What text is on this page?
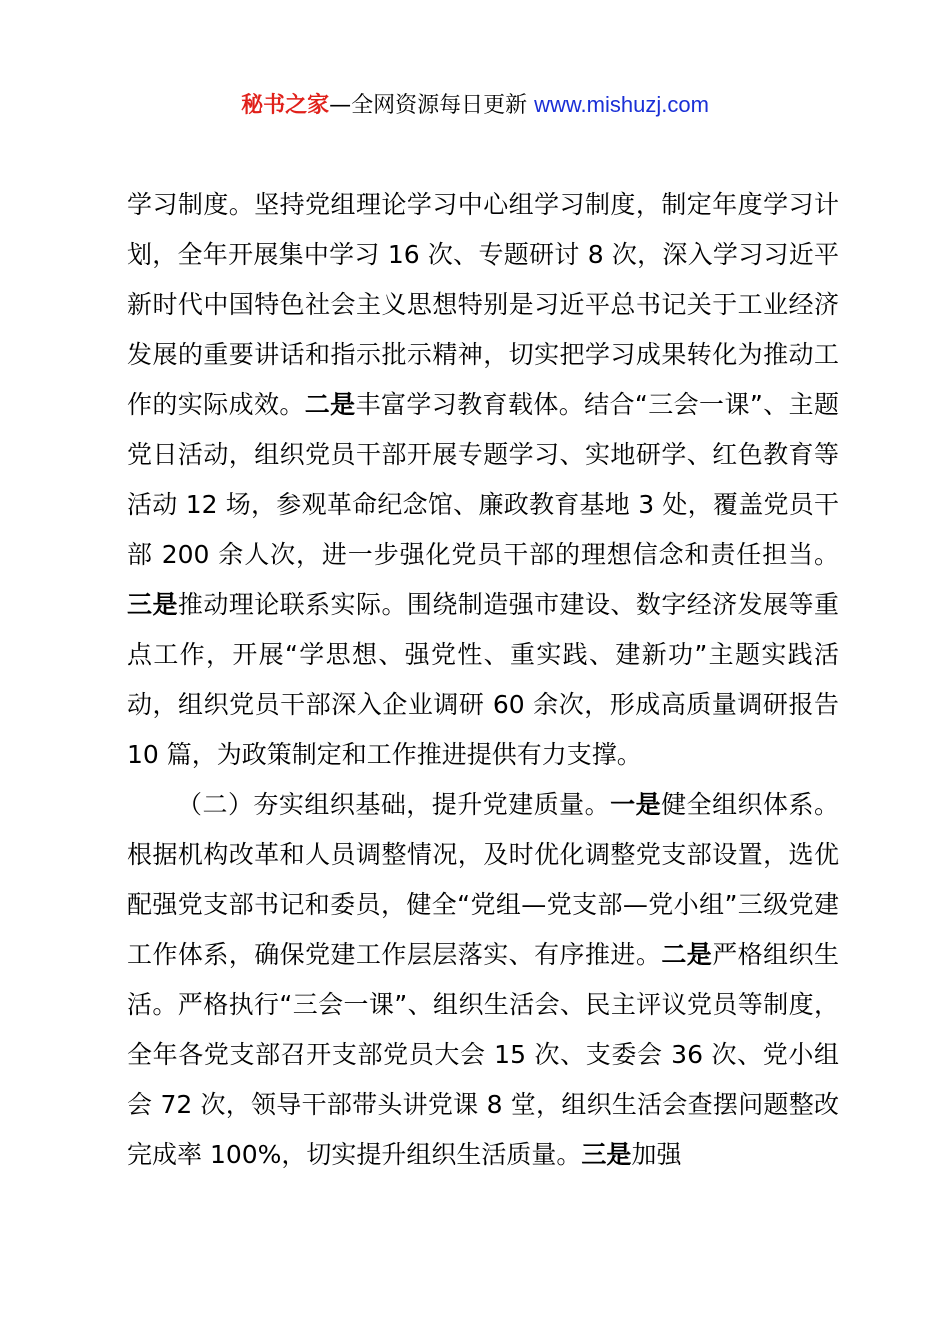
秘书之家—全网资源每日更新 www.mishuzj.com

学习制度。坚持党组理论学习中心组学习制度，制定年度学习计划，全年开展集中学习 16 次、专题研讨 8 次，深入学习习近平新时代中国特色社会主义思想特别是习近平总书记关于工业经济发展的重要讲话和指示批示精神，切实把学习成果转化为推动工作的实际成效。二是丰富学习教育载体。结合“三会一课”、主题党日活动，组织党员干部开展专题学习、实地研学、红色教育等活动 12 场，参观革命纪念馆、廉政教育基地 3 处，覆盖党员干部 200 余人次，进一步强化党员干部的理想信念和责任担当。三是推动理论联系实际。围绕制造强市建设、数字经济发展等重点工作，开展“学思想、强党性、重实践、建新功”主题实践活动，组织党员干部深入企业调研 60 余次，形成高质量调研报告 10 篇，为政策制定和工作推进提供有力支撑。

（二）夯实组织基础，提升党建质量。一是健全组织体系。根据机构改革和人员调整情况，及时优化调整党支部设置，选优配强党支部书记和委员，健全“党组—党支部—党小组”三级党建工作体系，确保党建工作层层落实、有序推进。二是严格组织生活。严格执行“三会一课”、组织生活会、民主评议党员等制度，全年各党支部召开支部党员大会 15 次、支委会 36 次、党小组会 72 次，领导干部带头讲党课 8 堂，组织生活会查摆问题整改完成率 100%，切实提升组织生活质量。三是加强
